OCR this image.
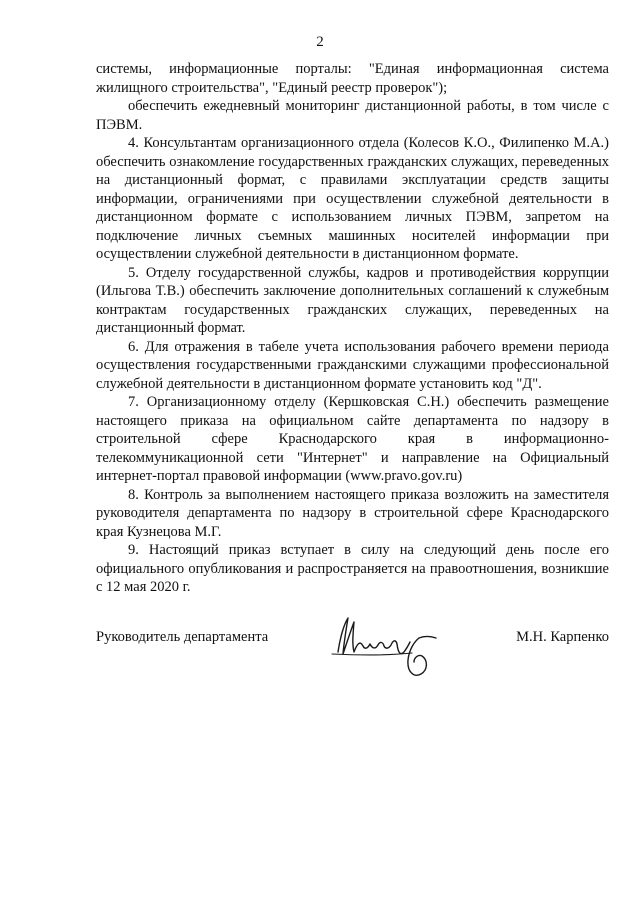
2

системы, информационные порталы: "Единая информационная система жилищного строительства", "Единый реестр проверок");

обеспечить ежедневный мониторинг дистанционной работы, в том числе с ПЭВМ.

4. Консультантам организационного отдела (Колесов К.О., Филипенко М.А.) обеспечить ознакомление государственных гражданских служащих, переведенных на дистанционный формат, с правилами эксплуатации средств защиты информации, ограничениями при осуществлении служебной деятельности в дистанционном формате с использованием личных ПЭВМ, запретом на подключение личных съемных машинных носителей информации при осуществлении служебной деятельности в дистанционном формате.

5. Отделу государственной службы, кадров и противодействия коррупции (Ильгова Т.В.) обеспечить заключение дополнительных соглашений к служебным контрактам государственных гражданских служащих, переведенных на дистанционный формат.

6. Для отражения в табеле учета использования рабочего времени периода осуществления государственными гражданскими служащими профессиональной служебной деятельности в дистанционном формате установить код "Д".

7. Организационному отделу (Кершковская С.Н.) обеспечить размещение настоящего приказа на официальном сайте департамента по надзору в строительной сфере Краснодарского края в информационно-телекоммуникационной сети "Интернет" и направление на Официальный интернет-портал правовой информации (www.pravo.gov.ru)

8. Контроль за выполнением настоящего приказа возложить на заместителя руководителя департамента по надзору в строительной сфере Краснодарского края Кузнецова М.Г.

9. Настоящий приказ вступает в силу на следующий день после его официального опубликования и распространяется на правоотношения, возникшие с 12 мая 2020 г.

Руководитель департамента	М.Н. Карпенко
